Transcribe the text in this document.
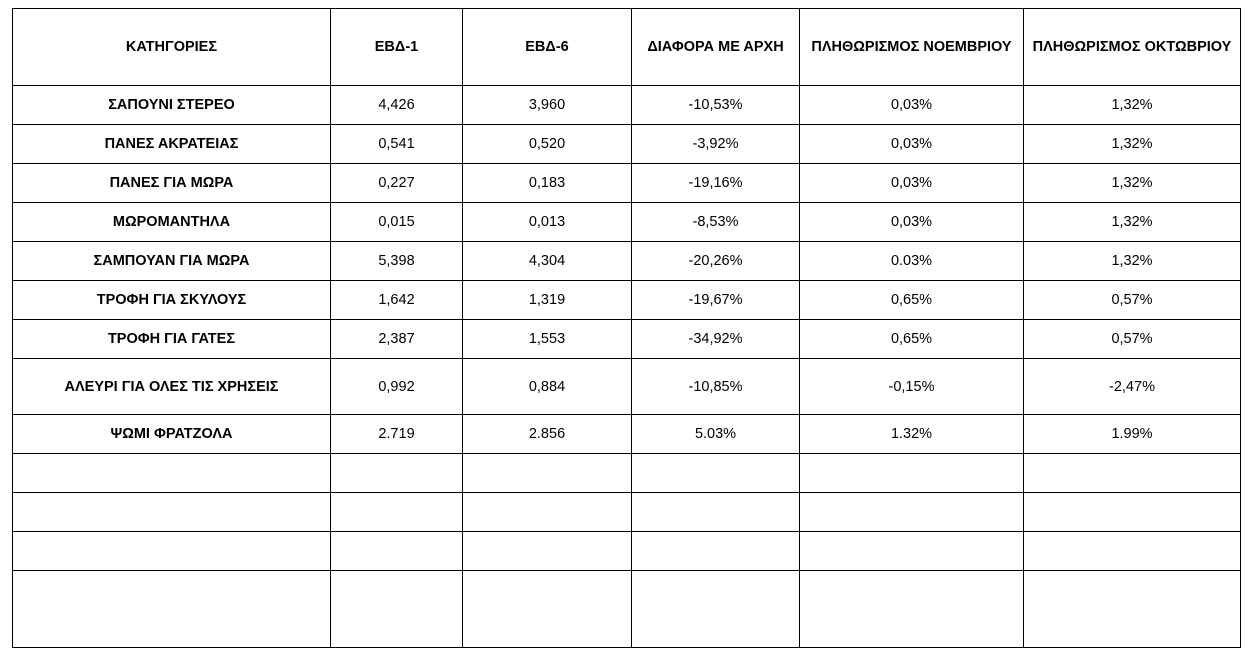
ΚΑΤΗΓΟΡΙΕΣ	ΕΒΔ-1	ΕΒΔ-6	ΔΙΑΦΟΡΑ ΜΕ ΑΡΧΗ	ΠΛΗΘΩΡΙΣΜΟΣ ΝΟΕΜΒΡΙΟΥ	ΠΛΗΘΩΡΙΣΜΟΣ ΟΚΤΩΒΡΙΟΥ
ΣΑΠΟΥΝΙ ΣΤΕΡΕΟ	4,426	3,960	-10,53%	0,03%	1,32%
ΠΑΝΕΣ ΑΚΡΑΤΕΙΑΣ	0,541	0,520	-3,92%	0,03%	1,32%
ΠΑΝΕΣ ΓΙΑ ΜΩΡΑ	0,227	0,183	-19,16%	0,03%	1,32%
ΜΩΡΟΜΑΝΤΗΛΑ	0,015	0,013	-8,53%	0,03%	1,32%
ΣΑΜΠΟΥΑΝ ΓΙΑ ΜΩΡΑ	5,398	4,304	-20,26%	0.03%	1,32%
ΤΡΟΦΗ ΓΙΑ ΣΚΥΛΟΥΣ	1,642	1,319	-19,67%	0,65%	0,57%
ΤΡΟΦΗ ΓΙΑ ΓΑΤΕΣ	2,387	1,553	-34,92%	0,65%	0,57%
ΑΛΕΥΡΙ ΓΙΑ ΟΛΕΣ ΤΙΣ ΧΡΗΣΕΙΣ	0,992	0,884	-10,85%	-0,15%	-2,47%
ΨΩΜΙ ΦΡΑΤΖΟΛΑ	2.719	2.856	5.03%	1.32%	1.99%
